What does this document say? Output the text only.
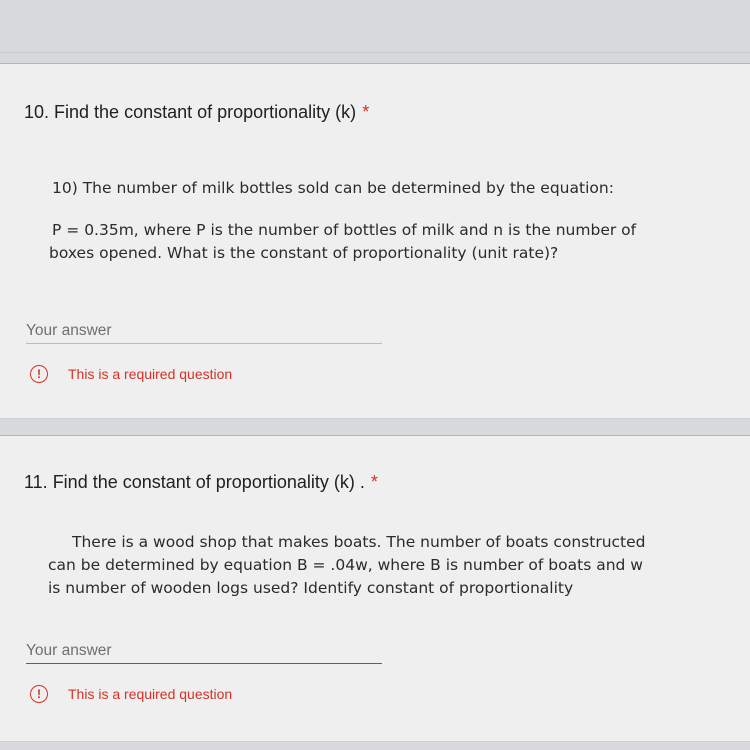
10. Find the constant of proportionality (k) *
10) The number of milk bottles sold can be determined by the equation:
P = 0.35m, where P is the number of bottles of milk and n is the number of
boxes opened. What is the constant of proportionality (unit rate)?
Your answer
!	This is a required question
11. Find the constant of proportionality (k) . *
There is a wood shop that makes boats. The number of boats constructed
can be determined by equation B = .04w, where B is number of boats and w
is number of wooden logs used? Identify constant of proportionality
Your answer
!	This is a required question
